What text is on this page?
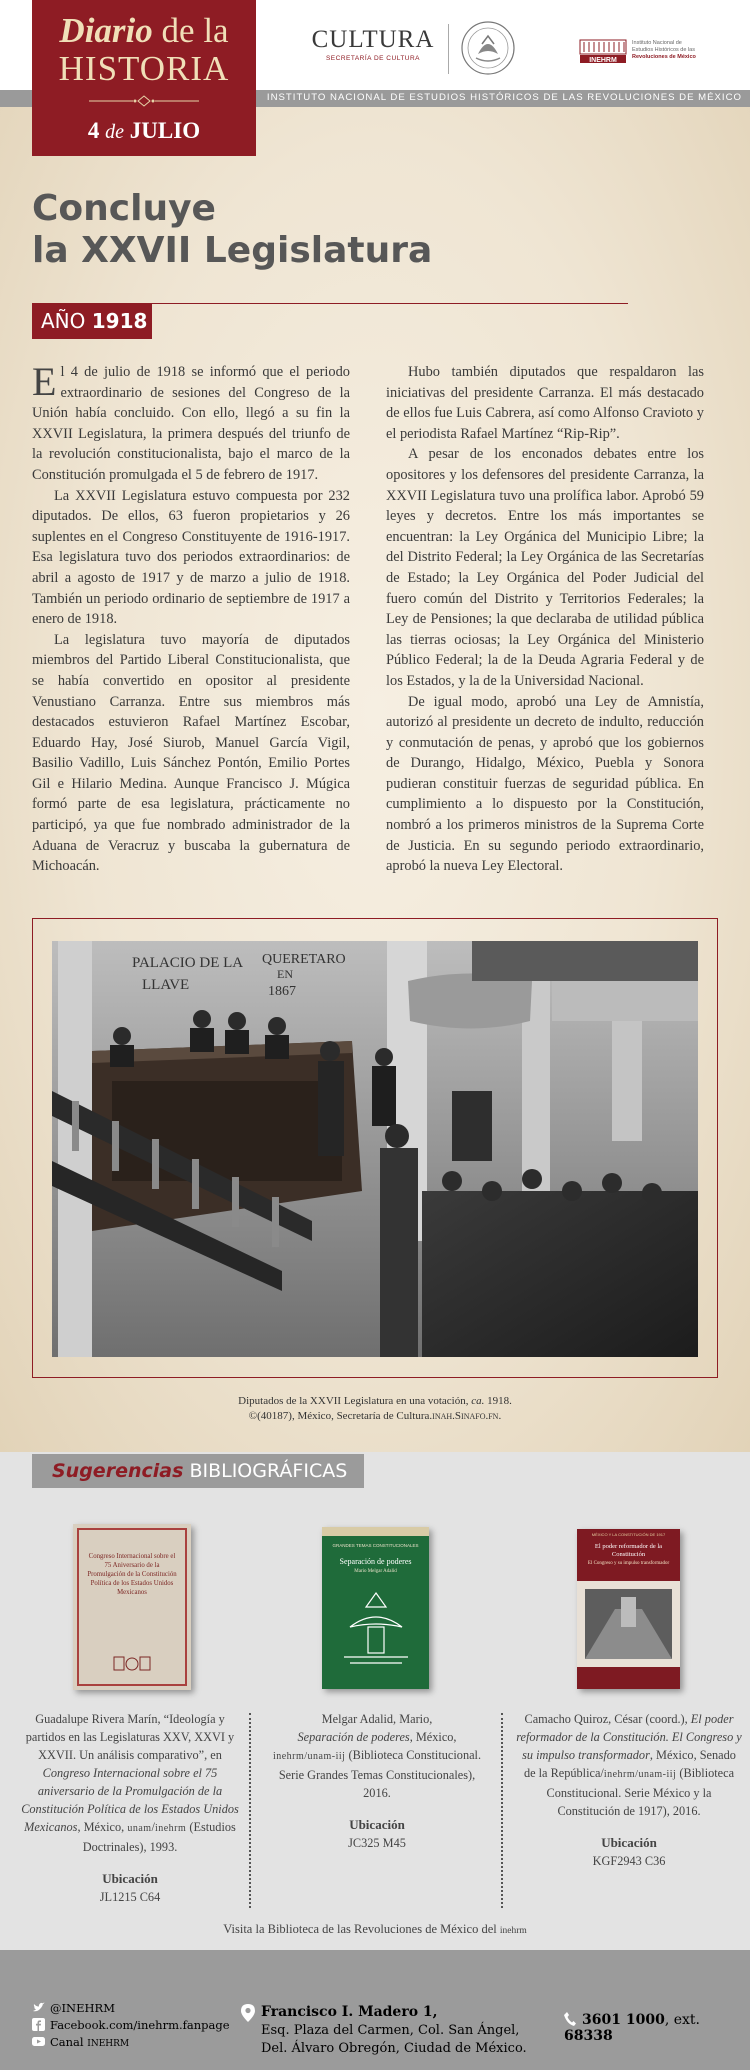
Diario de la
HISTORIA
4 de JULIO
CULTURA
SECRETARÍA DE CULTURA	INEHRM
Instituto Nacional de
Estudios Históricos de las
Revoluciones de México
INSTITUTO NACIONAL DE ESTUDIOS HISTÓRICOS DE LAS REVOLUCIONES DE MÉXICO
Concluye
la XXVII Legislatura
AÑO 1918

El 4 de julio de 1918 se informó que el periodo extraordinario de sesiones del Congreso de la Unión había concluido. Con ello, llegó a su fin la XXVII Legislatura, la primera después del triunfo de la revolución constitucionalista, bajo el marco de la Constitución promulgada el 5 de febrero de 1917.

La XXVII Legislatura estuvo compuesta por 232 diputados. De ellos, 63 fueron propietarios y 26 suplentes en el Congreso Constituyente de 1916-1917. Esa legislatura tuvo dos periodos extraordinarios: de abril a agosto de 1917 y de marzo a julio de 1918. También un periodo ordinario de septiembre de 1917 a enero de 1918.

La legislatura tuvo mayoría de diputados miembros del Partido Liberal Constitucionalista, que se había convertido en opositor al presidente Venustiano Carranza. Entre sus miembros más destacados estuvieron Rafael Martínez Escobar, Eduardo Hay, José Siurob, Manuel García Vigil, Basilio Vadillo, Luis Sánchez Pontón, Emilio Portes Gil e Hilario Medina. Aunque Francisco J. Múgica formó parte de esa legislatura, prácticamente no participó, ya que fue nombrado administrador de la Aduana de Veracruz y buscaba la gubernatura de Michoacán.

Hubo también diputados que respaldaron las iniciativas del presidente Carranza. El más destacado de ellos fue Luis Cabrera, así como Alfonso Cravioto y el periodista Rafael Martínez “Rip-Rip”.

A pesar de los enconados debates entre los opositores y los defensores del presidente Carranza, la XXVII Legislatura tuvo una prolífica labor. Aprobó 59 leyes y decretos. Entre los más importantes se encuentran: la Ley Orgánica del Municipio Libre; la del Distrito Federal; la Ley Orgánica de las Secretarías de Estado; la Ley Orgánica del Poder Judicial del fuero común del Distrito y Territorios Federales; la Ley de Pensiones; la que declaraba de utilidad pública las tierras ociosas; la Ley Orgánica del Ministerio Público Federal; la de la Deuda Agraria Federal y de los Estados, y la de la Universidad Nacional.

De igual modo, aprobó una Ley de Amnistía, autorizó al presidente un decreto de indulto, reducción y conmutación de penas, y aprobó que los gobiernos de Durango, Hidalgo, México, Puebla y Sonora pudieran constituir fuerzas de seguridad pública. En cumplimiento a lo dispuesto por la Constitución, nombró a los primeros ministros de la Suprema Corte de Justicia. En su segundo periodo extraordinario, aprobó la nueva Ley Electoral.

PALACIO DE LA
LLAVE
QUERETARO
EN
1867
Diputados de la XXVII Legislatura en una votación, ca. 1918.
©(40187), México, Secretaría de Cultura.inah.Sinafo.fn.
Sugerencias BIBLIOGRÁFICAS
Congreso Internacional sobre el 75 Aniversario de la Promulgación de la Constitución Política de los Estados Unidos Mexicanos
GRANDES TEMAS CONSTITUCIONALES
Separación de poderes
Mario Melgar Adalid
MÉXICO Y LA CONSTITUCIÓN DE 1917
El poder reformador de la Constitución
El Congreso y su impulso transformador
Guadalupe Rivera Marín, “Ideología y partidos en las Legislaturas XXV, XXVI y XXVII. Un análisis comparativo”, en Congreso Internacional sobre el 75 aniversario de la Promulgación de la Constitución Política de los Estados Unidos Mexicanos, México, unam/inehrm (Estudios Doctrinales), 1993.
Ubicación
JL1215 C64
Melgar Adalid, Mario,
Separación de poderes, México,
inehrm/unam-iij (Biblioteca Constitucional. Serie Grandes Temas Constitucionales), 2016.
Ubicación
JC325 M45
Camacho Quiroz, César (coord.), El poder reformador de la Constitución. El Congreso y su impulso transformador, México, Senado de la República/inehrm/unam-iij (Biblioteca Constitucional. Serie México y la Constitución de 1917), 2016.
Ubicación
KGF2943 C36
Visita la Biblioteca de las Revoluciones de México del inehrm
@INEHRM
Facebook.com/inehrm.fanpage
Canal INEHRM
Francisco I. Madero 1,
Esq. Plaza del Carmen, Col. San Ángel,
Del. Álvaro Obregón, Ciudad de México.
3601 1000, ext. 68338
